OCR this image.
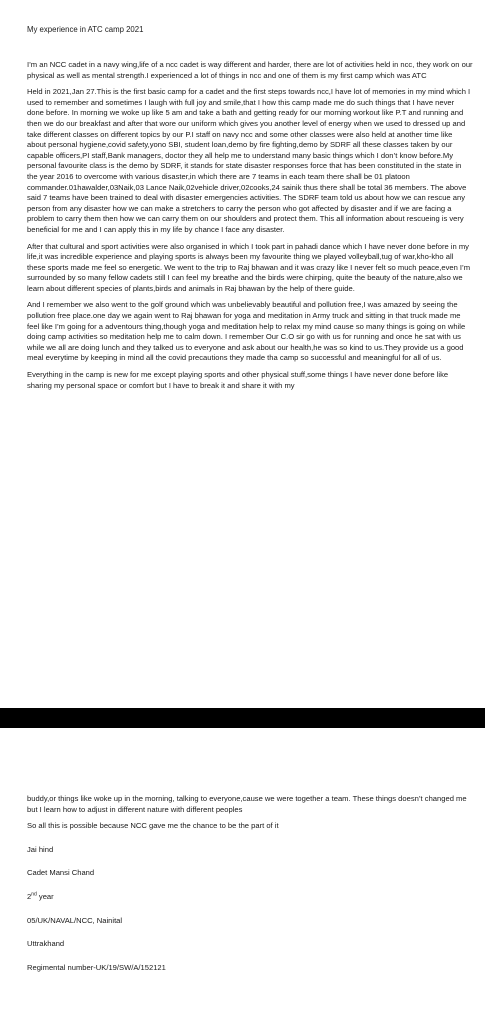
My experience in ATC camp 2021

I’m an NCC cadet in a navy wing,life of a ncc cadet is way different and harder, there are lot of activities held in ncc, they work on our physical as well as mental strength.I experienced a lot of things in ncc and one of them is my first camp which was ATC

Held in 2021,Jan 27.This is the first basic camp for a cadet and the first steps towards ncc,I have lot of memories in my mind which I used to remember and sometimes I laugh with full joy and smile,that I how this camp made me do such things that I have never done before. In morning we woke up like 5 am and take a bath and getting ready for our morning workout like P.T and running and then we do our breakfast and after that wore our uniform which gives you another level of energy when we used to dressed up and take different classes on different topics by our P.I staff on navy ncc and some other classes were also held at another time like about personal hygiene,covid safety,yono SBI, student loan,demo by fire fighting,demo by SDRF all these classes taken by our capable officers,PI staff,Bank managers, doctor they all help me to understand many basic things which I don’t know before.My personal favourite class is the demo by SDRF, it stands for state disaster responses force that has been constituted in the state in the year 2016 to overcome with various disaster,in which there are 7 teams in each team there shall be 01 platoon commander.01hawalder,03Naik,03 Lance Naik,02vehicle driver,02cooks,24 sainik thus there shall be total 36 members. The above said 7 teams have been trained to deal with disaster emergencies activities. The SDRF team told us about how we can rescue any person from any disaster how we can make a stretchers to carry the person who got affected by disaster and if we are facing a problem to carry them then how we can carry them on our shoulders and protect them. This all information about rescueing is very beneficial for me and I can apply this in my life by chance I face any disaster.

After that cultural and sport activities were also organised in which I took part in pahadi dance which I have never done before in my life,it was incredible experience and playing sports is always been my favourite thing we played volleyball,tug of war,kho-kho all these sports made me feel so energetic. We went to the trip to Raj bhawan and it was crazy like I never felt so much peace,even I’m surrounded by so many fellow cadets still I can feel my breathe and the birds were chirping, quite the beauty of the nature,also we learn about different species of plants,birds and animals in Raj bhawan by the help of there guide.

And I remember we also went to the golf ground which was unbelievably beautiful and pollution free,I was amazed by seeing the pollution free place.one day we again went to Raj bhawan for yoga and meditation in Army truck and sitting in that truck made me feel like I’m going for a adventours thing,though yoga and meditation help to relax my mind cause so many things is going on while doing camp activities so meditation help me to calm down. I remember Our C.O sir go with us for running and once he sat with us while we all are doing lunch and they talked us to everyone and ask about our health,he was so kind to us.They provide us a good meal everytime by keeping in mind all the covid precautions they made tha camp so successful and meaningful for all of us.

Everything in the camp is new for me except playing sports and other physical stuff,some things I have never done before like sharing my personal space or comfort but I have to break it and share it with my

buddy,or things like woke up in the morning, talking to everyone,cause we were together a team. These things doesn’t changed me but I learn how to adjust in different nature with different peoples

So all this is possible because NCC gave me the chance to be the part of it

Jai hind

Cadet Mansi Chand

2nd year

05/UK/NAVAL/NCC, Nainital

Uttrakhand

Regimental number-UK/19/SW/A/152121
